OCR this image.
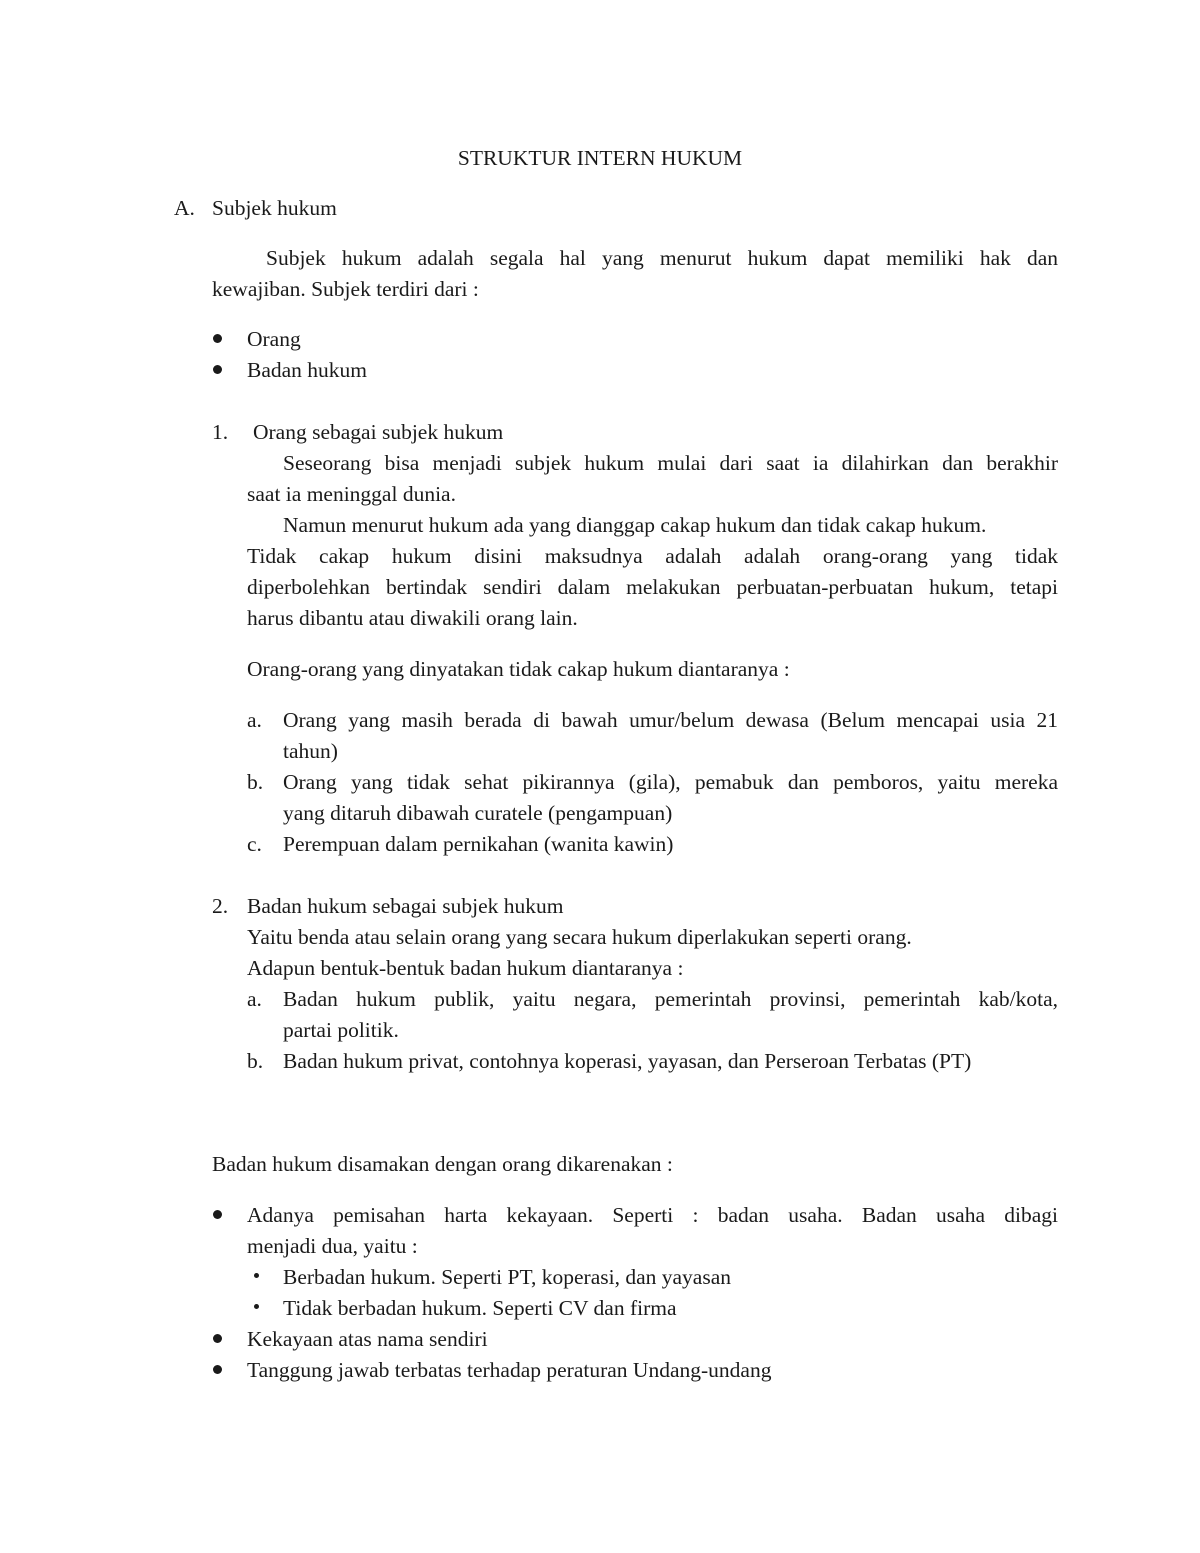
STRUKTUR INTERN HUKUM
A. Subjek hukum
Subjek hukum adalah segala hal yang menurut hukum dapat memiliki hak dan
kewajiban. Subjek terdiri dari :
Orang
Badan hukum
1. Orang sebagai subjek hukum
Seseorang bisa menjadi subjek hukum mulai dari saat ia dilahirkan dan berakhir
saat ia meninggal dunia.
Namun menurut hukum ada yang dianggap cakap hukum dan tidak cakap hukum.
Tidak cakap hukum disini maksudnya adalah adalah orang-orang yang tidak
diperbolehkan bertindak sendiri dalam melakukan perbuatan-perbuatan hukum, tetapi
harus dibantu atau diwakili orang lain.
Orang-orang yang dinyatakan tidak cakap hukum diantaranya :
a. Orang yang masih berada di bawah umur/belum dewasa (Belum mencapai usia 21
tahun)
b. Orang yang tidak sehat pikirannya (gila), pemabuk dan pemboros, yaitu mereka
yang ditaruh dibawah curatele (pengampuan)
c. Perempuan dalam pernikahan (wanita kawin)
2. Badan hukum sebagai subjek hukum
Yaitu benda atau selain orang yang secara hukum diperlakukan seperti orang.
Adapun bentuk-bentuk badan hukum diantaranya :
a. Badan hukum publik, yaitu negara, pemerintah provinsi, pemerintah kab/kota,
partai politik.
b. Badan hukum privat, contohnya koperasi, yayasan, dan Perseroan Terbatas (PT)
Badan hukum disamakan dengan orang dikarenakan :
Adanya pemisahan harta kekayaan. Seperti : badan usaha. Badan usaha dibagi
menjadi dua, yaitu :
Berbadan hukum. Seperti PT, koperasi, dan yayasan
Tidak berbadan hukum. Seperti CV dan firma
Kekayaan atas nama sendiri
Tanggung jawab terbatas terhadap peraturan Undang-undang
